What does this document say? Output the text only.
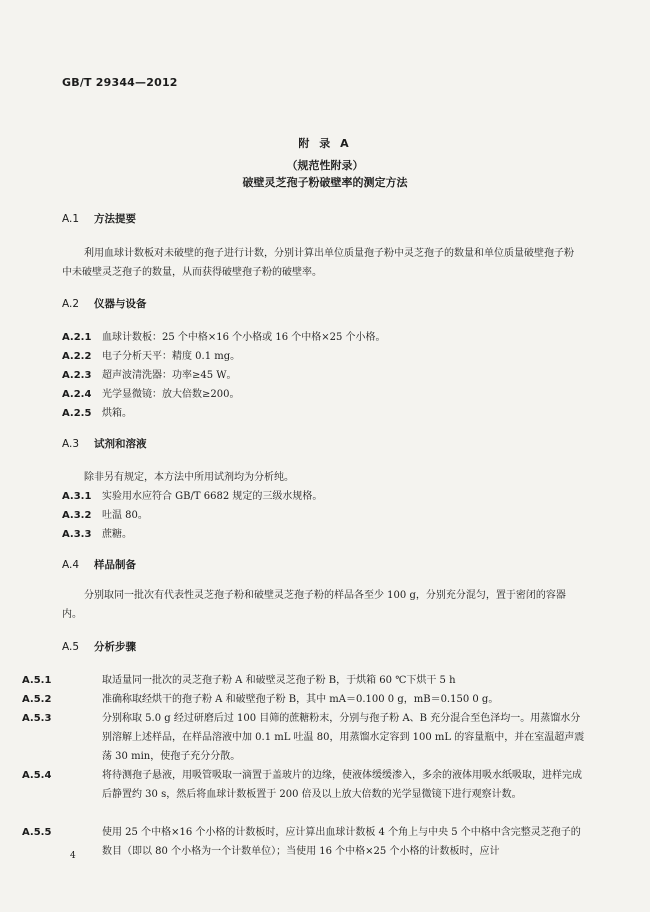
GB/T 29344—2012
附 录 A
（规范性附录）
破壁灵芝孢子粉破壁率的测定方法
A.1 方法提要
利用血球计数板对未破壁的孢子进行计数，分别计算出单位质量孢子粉中灵芝孢子的数量和单位质量破壁孢子粉中未破壁灵芝孢子的数量，从而获得破壁孢子粉的破壁率。
A.2 仪器与设备
A.2.1 血球计数板：25 个中格×16 个小格或 16 个中格×25 个小格。
A.2.2 电子分析天平：精度 0.1 mg。
A.2.3 超声波清洗器：功率≥45 W。
A.2.4 光学显微镜：放大倍数≥200。
A.2.5 烘箱。
A.3 试剂和溶液
除非另有规定，本方法中所用试剂均为分析纯。
A.3.1 实验用水应符合 GB/T 6682 规定的三级水规格。
A.3.2 吐温 80。
A.3.3 蔗糖。
A.4 样品制备
分别取同一批次有代表性灵芝孢子粉和破壁灵芝孢子粉的样品各至少 100 g，分别充分混匀，置于密闭的容器内。
A.5 分析步骤
A.5.1	取适量同一批次的灵芝孢子粉 A 和破壁灵芝孢子粉 B，于烘箱 60 ℃下烘干 5 h
A.5.2	准确称取经烘干的孢子粉 A 和破壁孢子粉 B，其中 mA＝0.100 0 g，mB＝0.150 0 g。
A.5.3	分别称取 5.0 g 经过研磨后过 100 目筛的蔗糖粉末，分别与孢子粉 A、B 充分混合至色泽均一。用蒸馏水分别溶解上述样品，在样品溶液中加 0.1 mL 吐温 80，用蒸馏水定容到 100 mL 的容量瓶中，并在室温超声震荡 30 min，使孢子充分分散。
A.5.4	将待测孢子悬液，用吸管吸取一滴置于盖玻片的边缘，使液体缓缓渗入，多余的液体用吸水纸吸取，进样完成后静置约 30 s，然后将血球计数板置于 200 倍及以上放大倍数的光学显微镜下进行观察计数。
A.5.5	使用 25 个中格×16 个小格的计数板时，应计算出血球计数板 4 个角上与中央 5 个中格中含完整灵芝孢子的数目（即以 80 个小格为一个计数单位）；当使用 16 个中格×25 个小格的计数板时，应计
4
